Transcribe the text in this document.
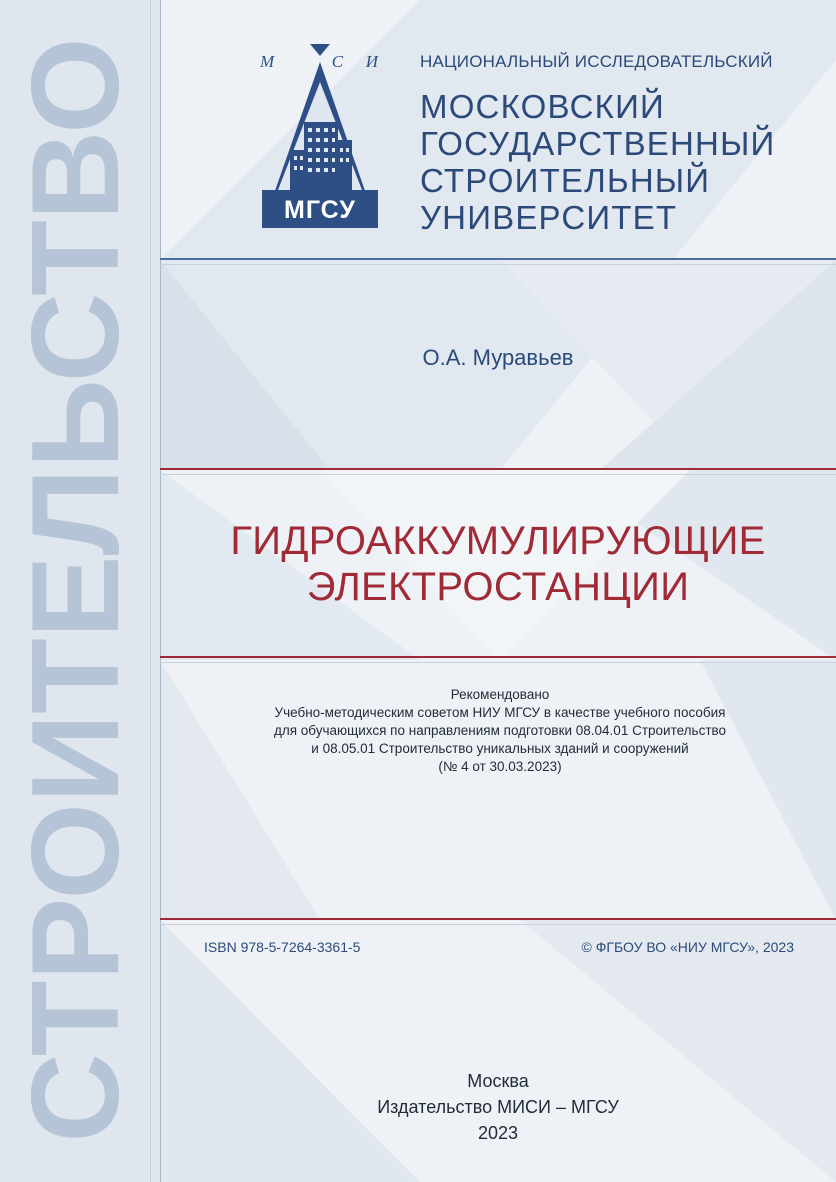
СТРОИТЕЛЬСТВО	М	С И
МГСУ
НАЦИОНАЛЬНЫЙ ИССЛЕДОВАТЕЛЬСКИЙ
МОСКОВСКИЙ
ГОСУДАРСТВЕННЫЙ
СТРОИТЕЛЬНЫЙ
УНИВЕРСИТЕТ
О.А. Муравьев
ГИДРОАККУМУЛИРУЮЩИЕ
ЭЛЕКТРОСТАНЦИИ
Рекомендовано
Учебно-методическим советом НИУ МГСУ в качестве учебного пособия
для обучающихся по направлениям подготовки 08.04.01 Строительство
и 08.05.01 Строительство уникальных зданий и сооружений
(№ 4 от 30.03.2023)
ISBN 978-5-7264-3361-5	© ФГБОУ ВО «НИУ МГСУ», 2023
Москва
Издательство МИСИ – МГСУ
2023
